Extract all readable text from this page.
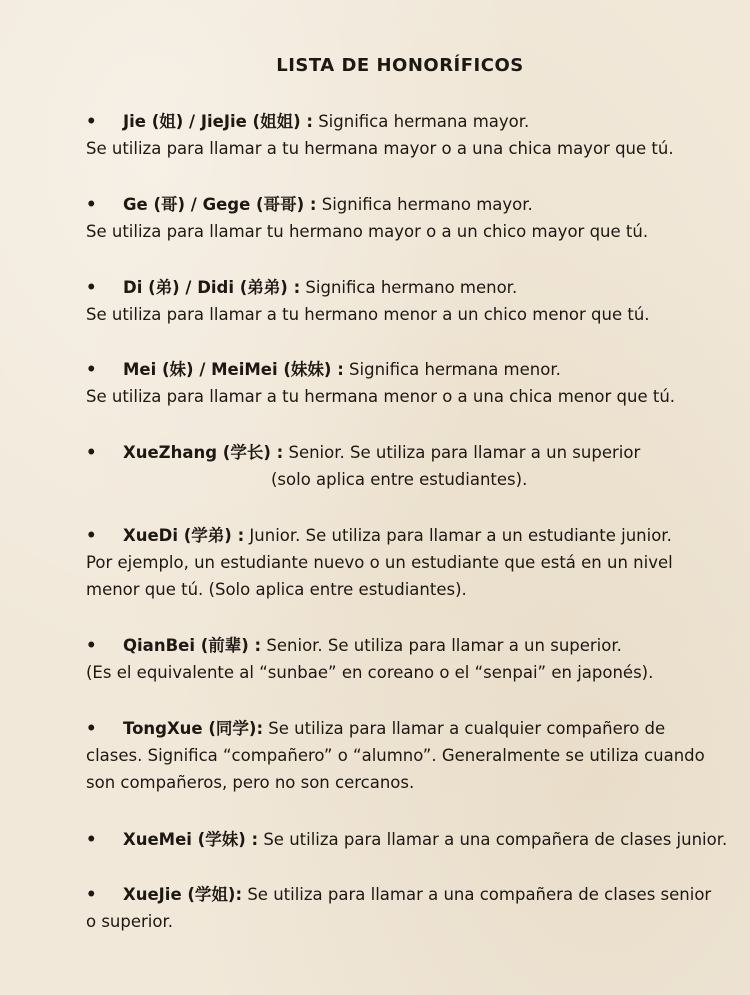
LISTA DE HONORÍFICOS
• Jie (姐) / JieJie (姐姐) : Significa hermana mayor.
Se utiliza para llamar a tu hermana mayor o a una chica mayor que tú.
• Ge (哥) / Gege (哥哥) : Significa hermano mayor.
Se utiliza para llamar tu hermano mayor o a un chico mayor que tú.
• Di (弟) / Didi (弟弟) : Significa hermano menor.
Se utiliza para llamar a tu hermano menor a un chico menor que tú.
• Mei (妹) / MeiMei (妹妹) : Significa hermana menor.
Se utiliza para llamar a tu hermana menor o a una chica menor que tú.
• XueZhang (学长) : Senior. Se utiliza para llamar a un superior
(solo aplica entre estudiantes).
• XueDi (学弟) : Junior. Se utiliza para llamar a un estudiante junior.
Por ejemplo, un estudiante nuevo o un estudiante que está en un nivel
menor que tú. (Solo aplica entre estudiantes).
• QianBei (前辈) : Senior. Se utiliza para llamar a un superior.
(Es el equivalente al “sunbae” en coreano o el “senpai” en japonés).
• TongXue (同学): Se utiliza para llamar a cualquier compañero de
clases. Significa “compañero” o “alumno”. Generalmente se utiliza cuando
son compañeros, pero no son cercanos.
• XueMei (学妹) : Se utiliza para llamar a una compañera de clases junior.
• XueJie (学姐): Se utiliza para llamar a una compañera de clases senior
o superior.
